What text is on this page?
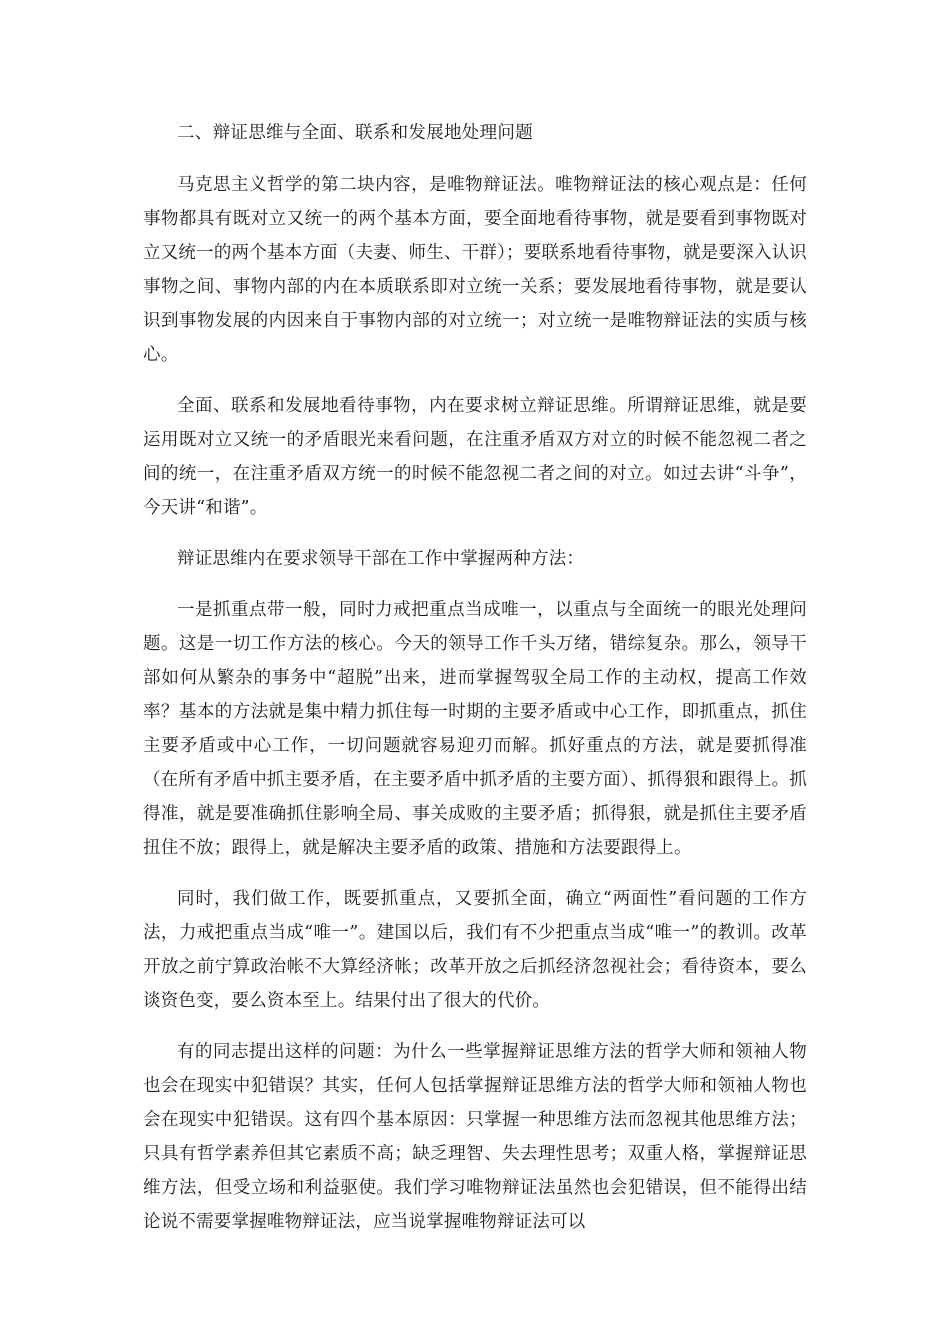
二、辩证思维与全面、联系和发展地处理问题

马克思主义哲学的第二块内容，是唯物辩证法。唯物辩证法的核心观点是：任何事物都具有既对立又统一的两个基本方面，要全面地看待事物，就是要看到事物既对立又统一的两个基本方面（夫妻、师生、干群）；要联系地看待事物，就是要深入认识事物之间、事物内部的内在本质联系即对立统一关系；要发展地看待事物，就是要认识到事物发展的内因来自于事物内部的对立统一；对立统一是唯物辩证法的实质与核心。

全面、联系和发展地看待事物，内在要求树立辩证思维。所谓辩证思维，就是要运用既对立又统一的矛盾眼光来看问题，在注重矛盾双方对立的时候不能忽视二者之间的统一，在注重矛盾双方统一的时候不能忽视二者之间的对立。如过去讲“斗争”，今天讲“和谐”。

辩证思维内在要求领导干部在工作中掌握两种方法：

一是抓重点带一般，同时力戒把重点当成唯一，以重点与全面统一的眼光处理问题。这是一切工作方法的核心。今天的领导工作千头万绪，错综复杂。那么，领导干部如何从繁杂的事务中“超脱”出来，进而掌握驾驭全局工作的主动权，提高工作效率？基本的方法就是集中精力抓住每一时期的主要矛盾或中心工作，即抓重点，抓住主要矛盾或中心工作，一切问题就容易迎刃而解。抓好重点的方法，就是要抓得准（在所有矛盾中抓主要矛盾，在主要矛盾中抓矛盾的主要方面）、抓得狠和跟得上。抓得准，就是要准确抓住影响全局、事关成败的主要矛盾；抓得狠，就是抓住主要矛盾扭住不放；跟得上，就是解决主要矛盾的政策、措施和方法要跟得上。

同时，我们做工作，既要抓重点，又要抓全面，确立“两面性”看问题的工作方法，力戒把重点当成“唯一”。建国以后，我们有不少把重点当成“唯一”的教训。改革开放之前宁算政治帐不大算经济帐；改革开放之后抓经济忽视社会；看待资本，要么谈资色变，要么资本至上。结果付出了很大的代价。

有的同志提出这样的问题：为什么一些掌握辩证思维方法的哲学大师和领袖人物也会在现实中犯错误？其实，任何人包括掌握辩证思维方法的哲学大师和领袖人物也会在现实中犯错误。这有四个基本原因：只掌握一种思维方法而忽视其他思维方法；只具有哲学素养但其它素质不高；缺乏理智、失去理性思考；双重人格，掌握辩证思维方法，但受立场和利益驱使。我们学习唯物辩证法虽然也会犯错误，但不能得出结论说不需要掌握唯物辩证法，应当说掌握唯物辩证法可以
